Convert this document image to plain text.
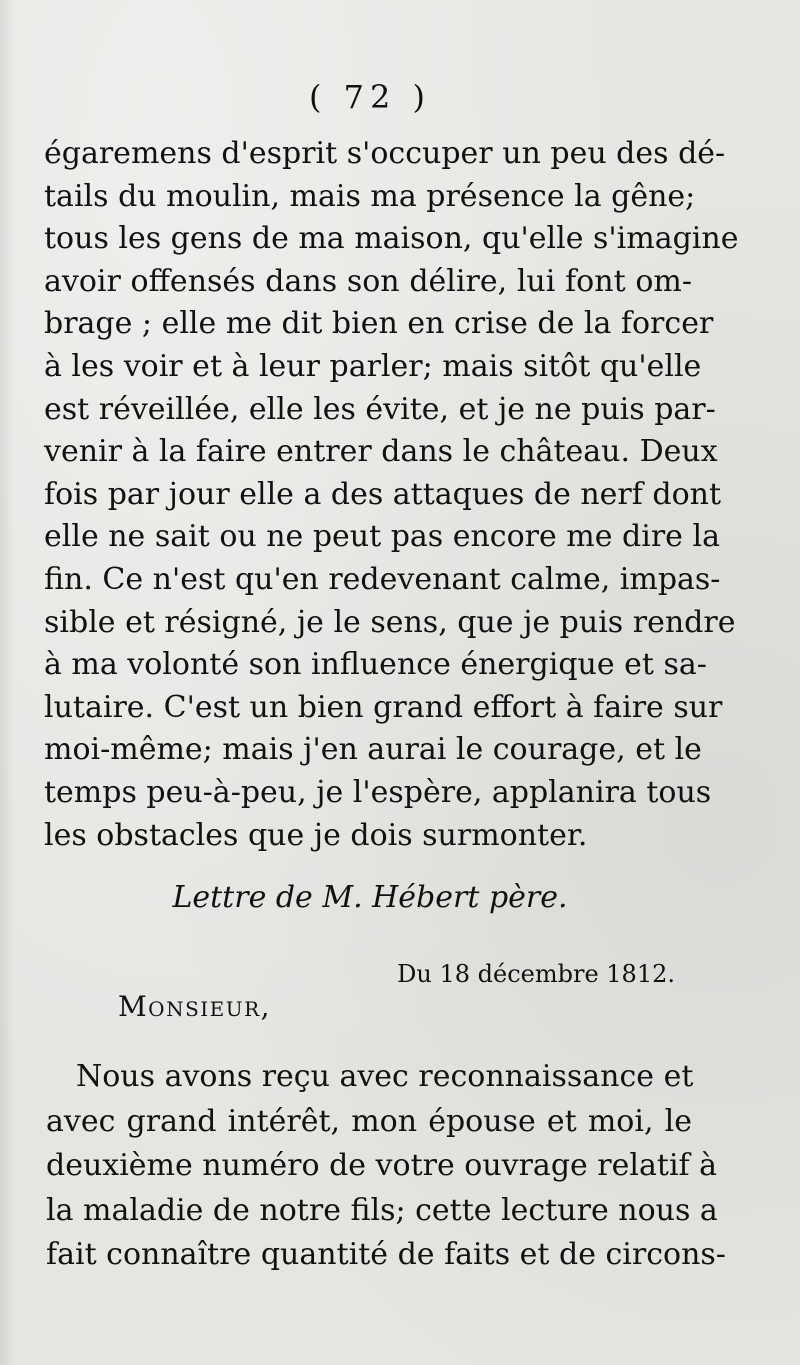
( 72 )
égaremens d'esprit s'occuper un peu des dé-
tails du moulin, mais ma présence la gêne;
tous les gens de ma maison, qu'elle s'imagine
avoir offensés dans son délire, lui font om-
brage ; elle me dit bien en crise de la forcer
à les voir et à leur parler; mais sitôt qu'elle
est réveillée, elle les évite, et je ne puis par-
venir à la faire entrer dans le château. Deux
fois par jour elle a des attaques de nerf dont
elle ne sait ou ne peut pas encore me dire la
fin. Ce n'est qu'en redevenant calme, impas-
sible et résigné, je le sens, que je puis rendre
à ma volonté son influence énergique et sa-
lutaire. C'est un bien grand effort à faire sur
moi-même; mais j'en aurai le courage, et le
temps peu-à-peu, je l'espère, applanira tous
les obstacles que je dois surmonter.
Lettre de M. Hébert père.
Du 18 décembre 1812.
Monsieur,
Nous avons reçu avec reconnaissance et
avec grand intérêt, mon épouse et moi, le
deuxième numéro de votre ouvrage relatif à
la maladie de notre fils; cette lecture nous a
fait connaître quantité de faits et de circons-
